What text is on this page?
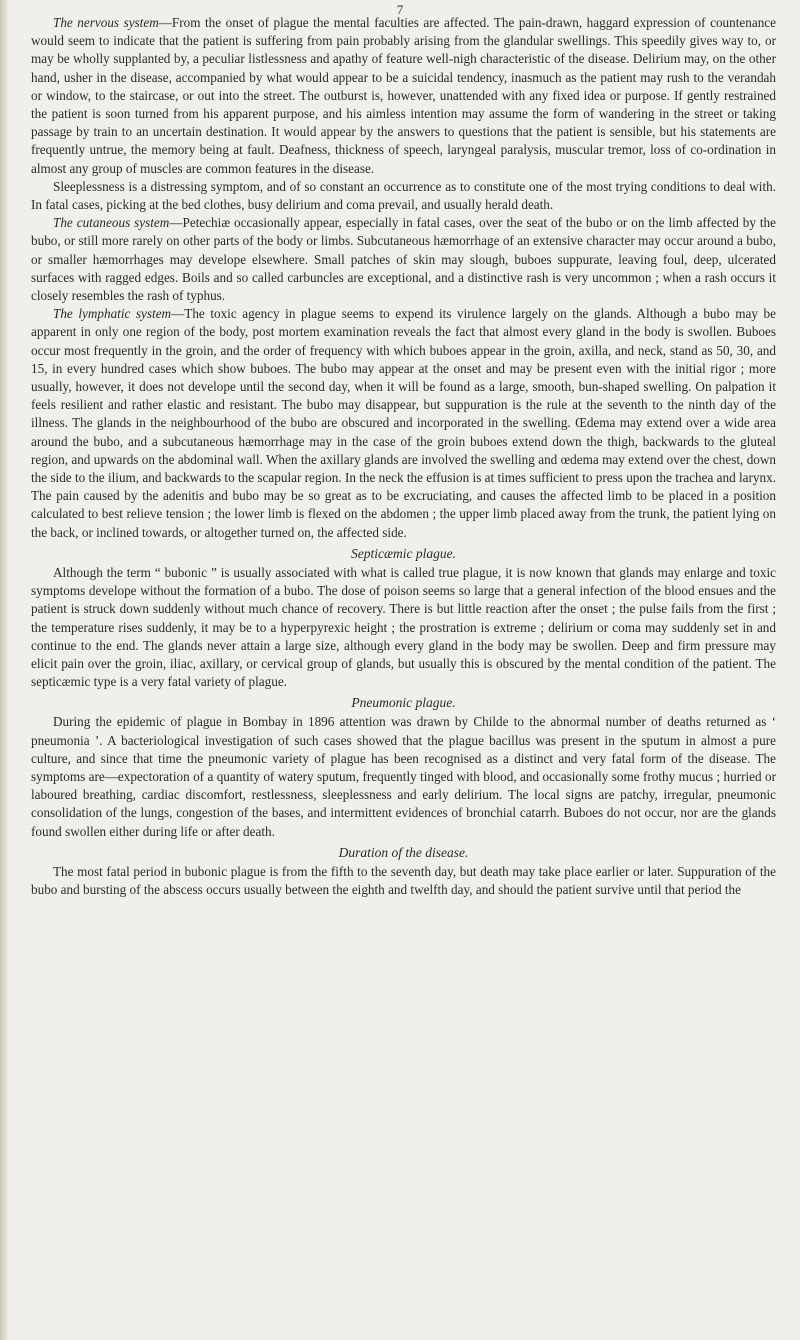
7

The nervous system—From the onset of plague the mental faculties are affected. The pain-drawn, haggard expression of countenance would seem to indicate that the patient is suffering from pain probably arising from the glandular swellings. This speedily gives way to, or may be wholly supplanted by, a peculiar listlessness and apathy of feature well-nigh characteristic of the disease. Delirium may, on the other hand, usher in the disease, accompanied by what would appear to be a suicidal tendency, inasmuch as the patient may rush to the verandah or window, to the staircase, or out into the street. The outburst is, however, unattended with any fixed idea or purpose. If gently restrained the patient is soon turned from his apparent purpose, and his aimless intention may assume the form of wandering in the street or taking passage by train to an uncertain destination. It would appear by the answers to questions that the patient is sensible, but his statements are frequently untrue, the memory being at fault. Deafness, thickness of speech, laryngeal paralysis, muscular tremor, loss of co-ordination in almost any group of muscles are common features in the disease.

Sleeplessness is a distressing symptom, and of so constant an occurrence as to constitute one of the most trying conditions to deal with. In fatal cases, picking at the bed clothes, busy delirium and coma prevail, and usually herald death.

The cutaneous system—Petechiæ occasionally appear, especially in fatal cases, over the seat of the bubo or on the limb affected by the bubo, or still more rarely on other parts of the body or limbs. Subcutaneous hæmorrhage of an extensive character may occur around a bubo, or smaller hæmorrhages may develope elsewhere. Small patches of skin may slough, buboes suppurate, leaving foul, deep, ulcerated surfaces with ragged edges. Boils and so called carbuncles are exceptional, and a distinctive rash is very uncommon ; when a rash occurs it closely resembles the rash of typhus.

The lymphatic system—The toxic agency in plague seems to expend its virulence largely on the glands. Although a bubo may be apparent in only one region of the body, post mortem examination reveals the fact that almost every gland in the body is swollen. Buboes occur most frequently in the groin, and the order of frequency with which buboes appear in the groin, axilla, and neck, stand as 50, 30, and 15, in every hundred cases which show buboes. The bubo may appear at the onset and may be present even with the initial rigor ; more usually, however, it does not develope until the second day, when it will be found as a large, smooth, bun-shaped swelling. On palpation it feels resilient and rather elastic and resistant. The bubo may disappear, but suppuration is the rule at the seventh to the ninth day of the illness. The glands in the neighbourhood of the bubo are obscured and incorporated in the swelling. Œdema may extend over a wide area around the bubo, and a subcutaneous hæmorrhage may in the case of the groin buboes extend down the thigh, backwards to the gluteal region, and upwards on the abdominal wall. When the axillary glands are involved the swelling and œdema may extend over the chest, down the side to the ilium, and backwards to the scapular region. In the neck the effusion is at times sufficient to press upon the trachea and larynx. The pain caused by the adenitis and bubo may be so great as to be excruciating, and causes the affected limb to be placed in a position calculated to best relieve tension ; the lower limb is flexed on the abdomen ; the upper limb placed away from the trunk, the patient lying on the back, or inclined towards, or altogether turned on, the affected side.

Septicæmic plague.

Although the term “ bubonic ” is usually associated with what is called true plague, it is now known that glands may enlarge and toxic symptoms develope without the formation of a bubo. The dose of poison seems so large that a general infection of the blood ensues and the patient is struck down suddenly without much chance of recovery. There is but little reaction after the onset ; the pulse fails from the first ; the temperature rises suddenly, it may be to a hyperpyrexic height ; the prostration is extreme ; delirium or coma may suddenly set in and continue to the end. The glands never attain a large size, although every gland in the body may be swollen. Deep and firm pressure may elicit pain over the groin, iliac, axillary, or cervical group of glands, but usually this is obscured by the mental condition of the patient. The septicæmic type is a very fatal variety of plague.

Pneumonic plague.

During the epidemic of plague in Bombay in 1896 attention was drawn by Childe to the abnormal number of deaths returned as ‘ pneumonia ’. A bacteriological investigation of such cases showed that the plague bacillus was present in the sputum in almost a pure culture, and since that time the pneumonic variety of plague has been recognised as a distinct and very fatal form of the disease. The symptoms are—expectoration of a quantity of watery sputum, frequently tinged with blood, and occasionally some frothy mucus ; hurried or laboured breathing, cardiac discomfort, restlessness, sleeplessness and early delirium. The local signs are patchy, irregular, pneumonic consolidation of the lungs, congestion of the bases, and intermittent evidences of bronchial catarrh. Buboes do not occur, nor are the glands found swollen either during life or after death.

Duration of the disease.

The most fatal period in bubonic plague is from the fifth to the seventh day, but death may take place earlier or later. Suppuration of the bubo and bursting of the abscess occurs usually between the eighth and twelfth day, and should the patient survive until that period the
